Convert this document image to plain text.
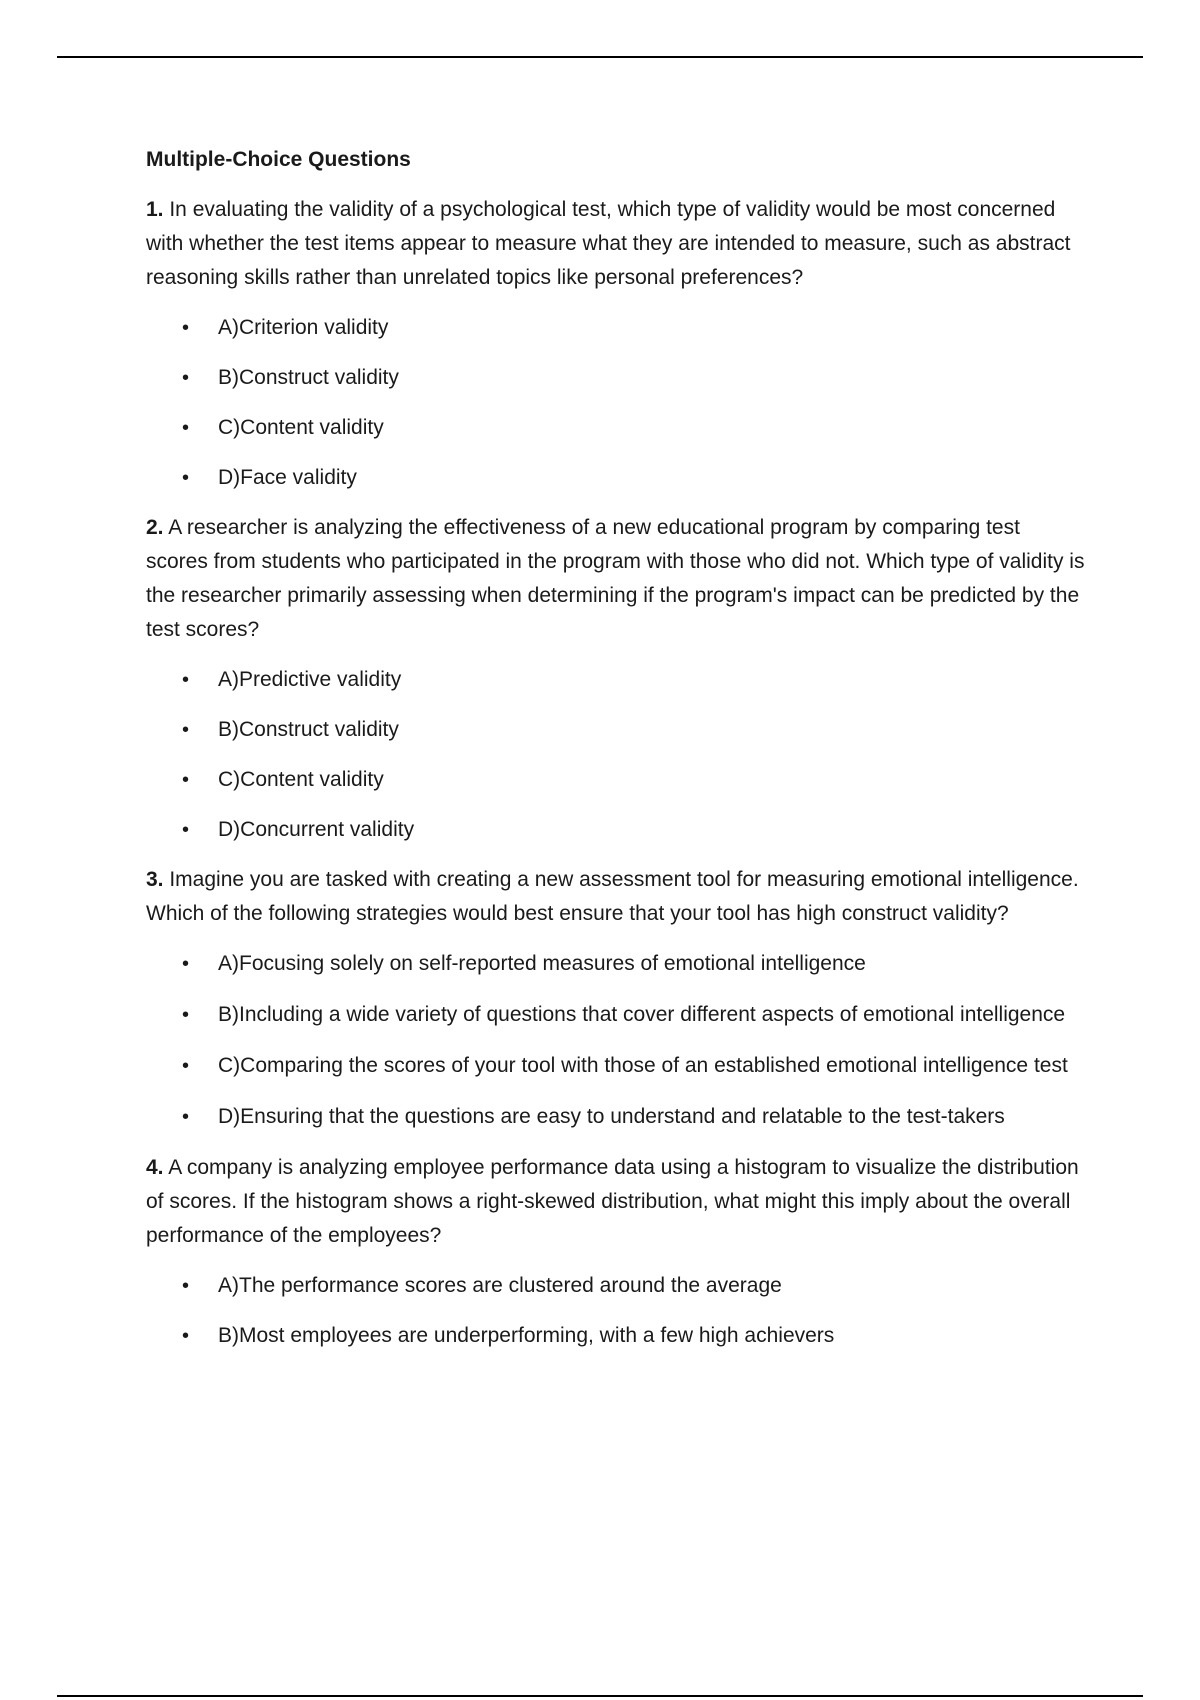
Multiple-Choice Questions
1. In evaluating the validity of a psychological test, which type of validity would be most concerned with whether the test items appear to measure what they are intended to measure, such as abstract reasoning skills rather than unrelated topics like personal preferences?
• A)Criterion validity
• B)Construct validity
• C)Content validity
• D)Face validity
2. A researcher is analyzing the effectiveness of a new educational program by comparing test scores from students who participated in the program with those who did not. Which type of validity is the researcher primarily assessing when determining if the program's impact can be predicted by the test scores?
• A)Predictive validity
• B)Construct validity
• C)Content validity
• D)Concurrent validity
3. Imagine you are tasked with creating a new assessment tool for measuring emotional intelligence. Which of the following strategies would best ensure that your tool has high construct validity?
• A)Focusing solely on self-reported measures of emotional intelligence
• B)Including a wide variety of questions that cover different aspects of emotional intelligence
• C)Comparing the scores of your tool with those of an established emotional intelligence test
• D)Ensuring that the questions are easy to understand and relatable to the test-takers
4. A company is analyzing employee performance data using a histogram to visualize the distribution of scores. If the histogram shows a right-skewed distribution, what might this imply about the overall performance of the employees?
• A)The performance scores are clustered around the average
• B)Most employees are underperforming, with a few high achievers
